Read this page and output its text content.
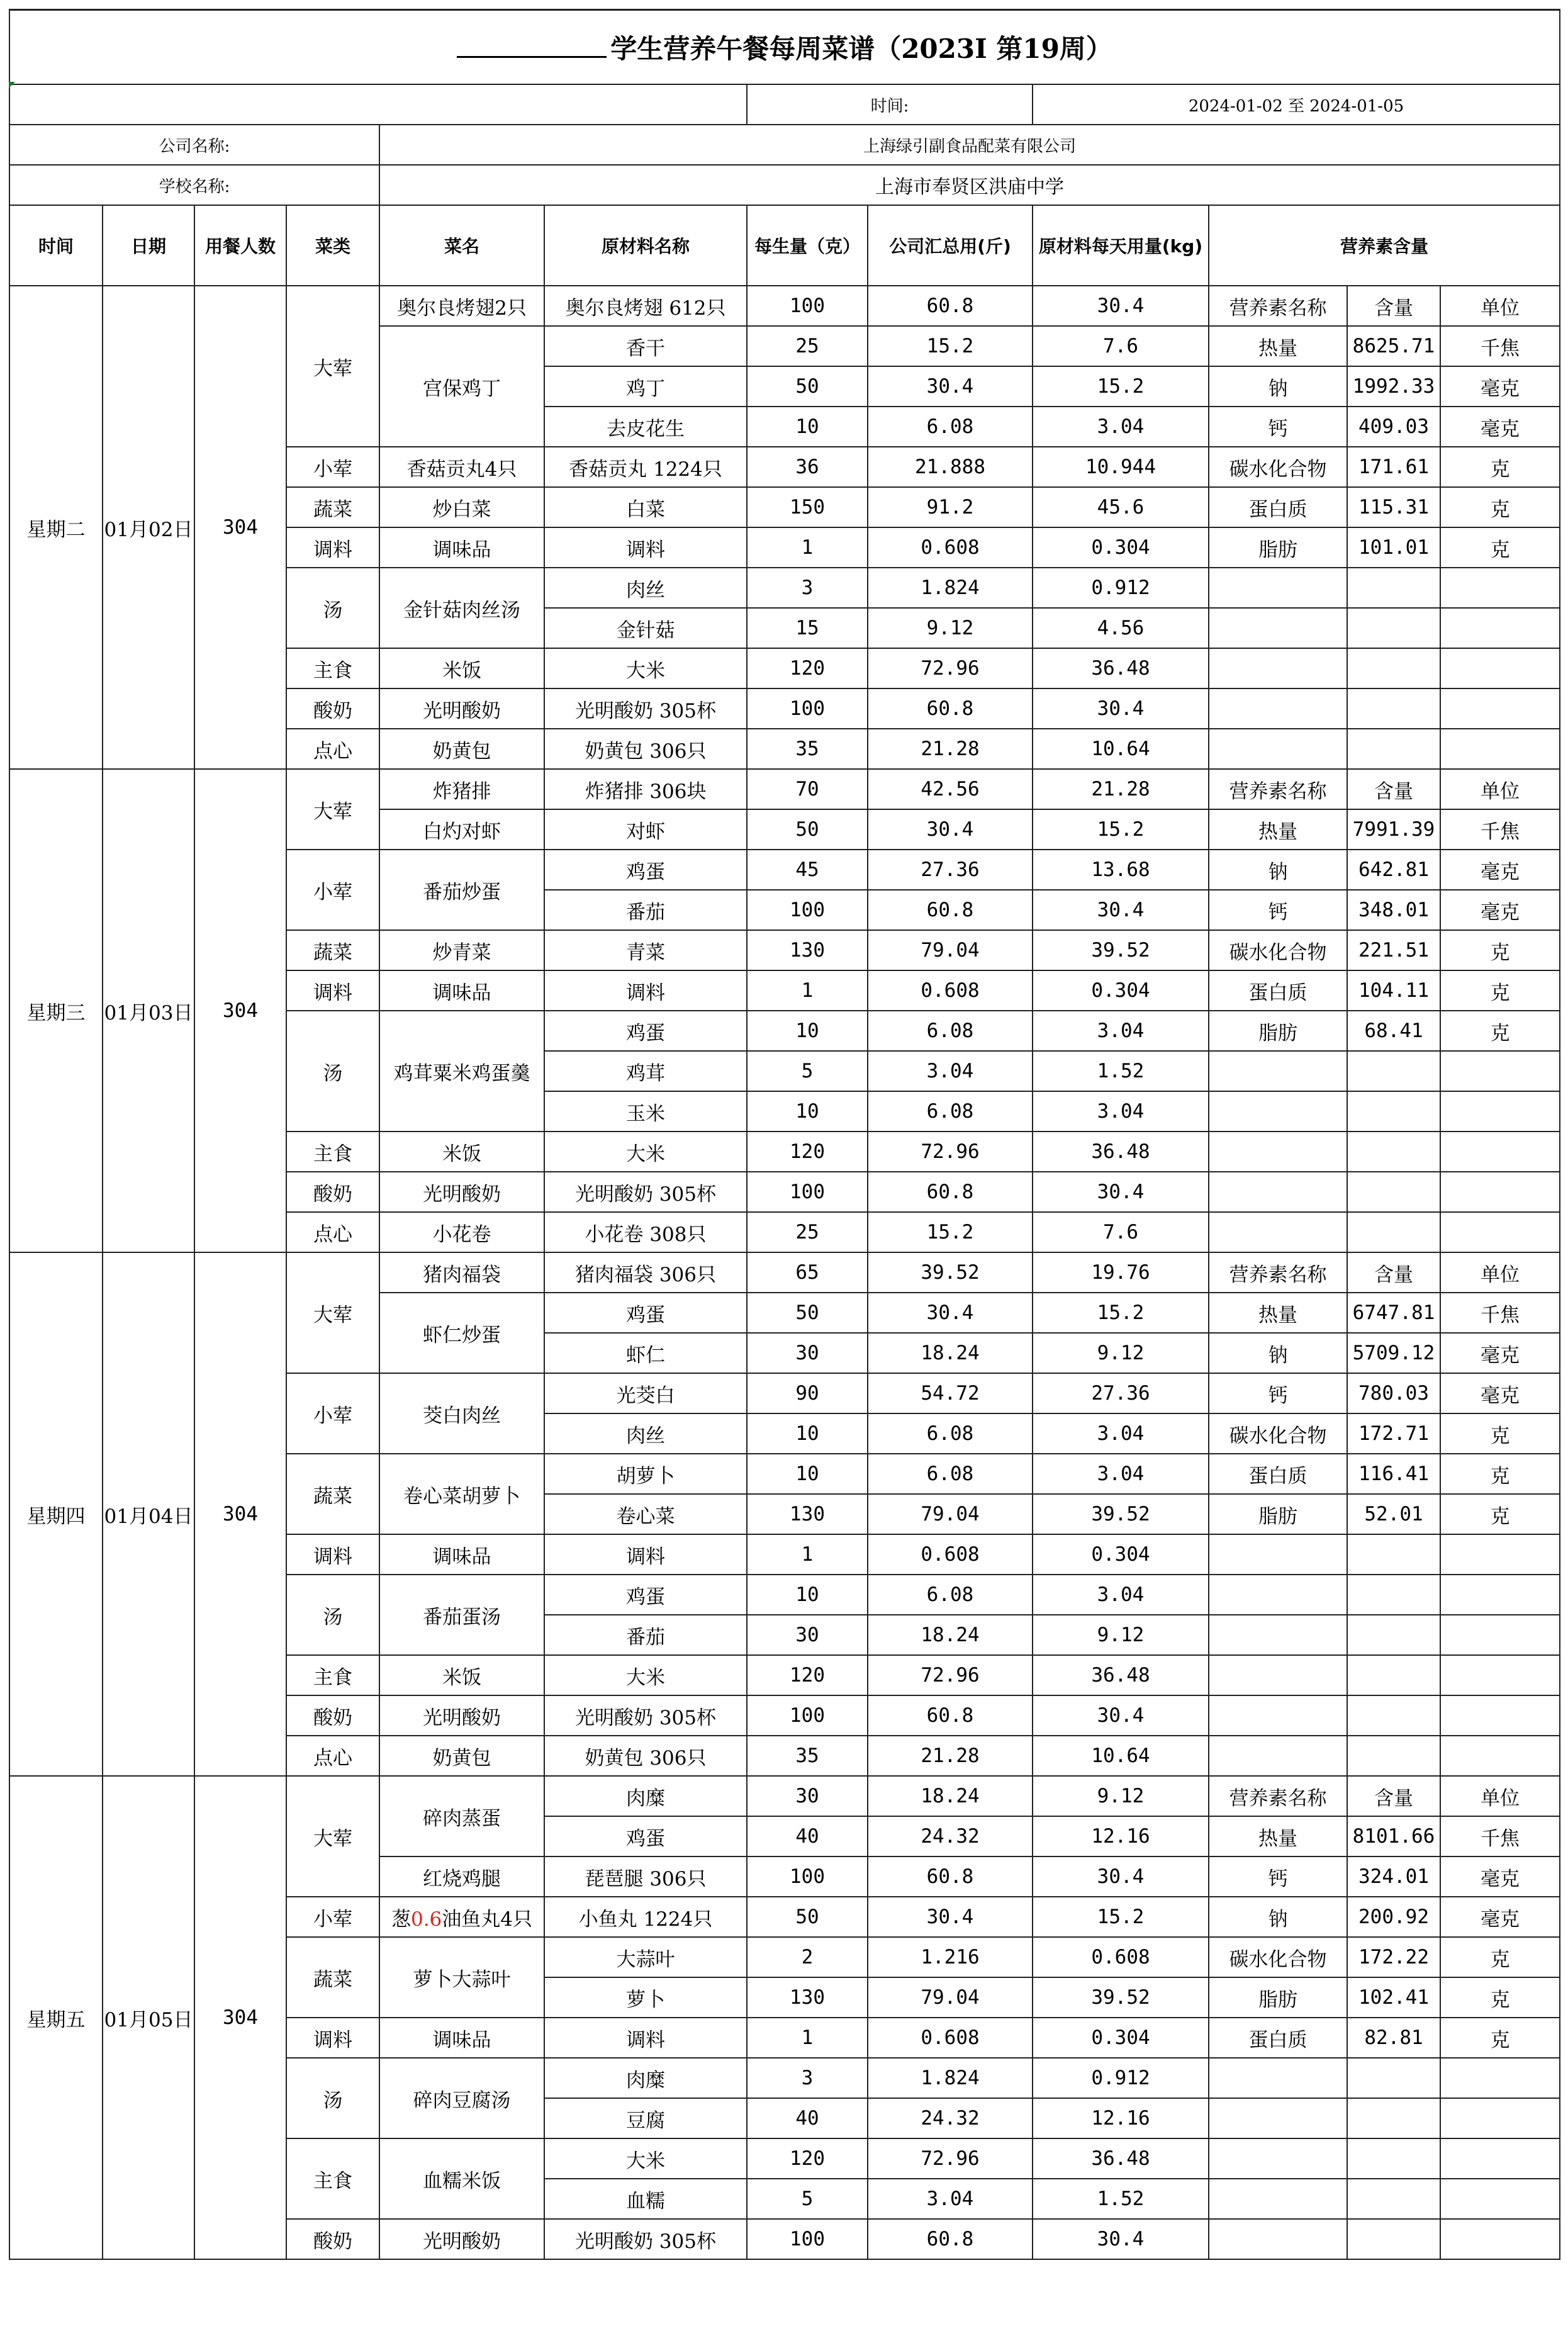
学生营养午餐每周菜谱（2023I 第19周）											
						时间:		2024-01-02 至 2024-01-05			
公司名称:				上海绿引副食品配菜有限公司							
学校名称:				上海市奉贤区洪庙中学							
时间	日期	用餐人数	菜类	菜名	原材料名称	每生量（克）	公司汇总用(斤)	原材料每天用量(kg)	营养素含量		
星期二	01月02日	304	大荤	奥尔良烤翅2只	奥尔良烤翅 612只	100	60.8	30.4	营养素名称	含量	单位
				宫保鸡丁	香干	25	15.2	7.6	热量	8625.71	千焦
					鸡丁	50	30.4	15.2	钠	1992.33	毫克
					去皮花生	10	6.08	3.04	钙	409.03	毫克
			小荤	香菇贡丸4只	香菇贡丸 1224只	36	21.888	10.944	碳水化合物	171.61	克
			蔬菜	炒白菜	白菜	150	91.2	45.6	蛋白质	115.31	克
			调料	调味品	调料	1	0.608	0.304	脂肪	101.01	克
			汤	金针菇肉丝汤	肉丝	3	1.824	0.912			
					金针菇	15	9.12	4.56			
			主食	米饭	大米	120	72.96	36.48			
			酸奶	光明酸奶	光明酸奶 305杯	100	60.8	30.4			
			点心	奶黄包	奶黄包 306只	35	21.28	10.64			
星期三	01月03日	304	大荤	炸猪排	炸猪排 306块	70	42.56	21.28	营养素名称	含量	单位
				白灼对虾	对虾	50	30.4	15.2	热量	7991.39	千焦
			小荤	番茄炒蛋	鸡蛋	45	27.36	13.68	钠	642.81	毫克
					番茄	100	60.8	30.4	钙	348.01	毫克
			蔬菜	炒青菜	青菜	130	79.04	39.52	碳水化合物	221.51	克
			调料	调味品	调料	1	0.608	0.304	蛋白质	104.11	克
			汤	鸡茸粟米鸡蛋羹	鸡蛋	10	6.08	3.04	脂肪	68.41	克
					鸡茸	5	3.04	1.52			
					玉米	10	6.08	3.04			
			主食	米饭	大米	120	72.96	36.48			
			酸奶	光明酸奶	光明酸奶 305杯	100	60.8	30.4			
			点心	小花卷	小花卷 308只	25	15.2	7.6			
星期四	01月04日	304	大荤	猪肉福袋	猪肉福袋 306只	65	39.52	19.76	营养素名称	含量	单位
				虾仁炒蛋	鸡蛋	50	30.4	15.2	热量	6747.81	千焦
					虾仁	30	18.24	9.12	钠	5709.12	毫克
			小荤	茭白肉丝	光茭白	90	54.72	27.36	钙	780.03	毫克
					肉丝	10	6.08	3.04	碳水化合物	172.71	克
			蔬菜	卷心菜胡萝卜	胡萝卜	10	6.08	3.04	蛋白质	116.41	克
					卷心菜	130	79.04	39.52	脂肪	52.01	克
			调料	调味品	调料	1	0.608	0.304			
			汤	番茄蛋汤	鸡蛋	10	6.08	3.04			
					番茄	30	18.24	9.12			
			主食	米饭	大米	120	72.96	36.48			
			酸奶	光明酸奶	光明酸奶 305杯	100	60.8	30.4			
			点心	奶黄包	奶黄包 306只	35	21.28	10.64			
星期五	01月05日	304	大荤	碎肉蒸蛋	肉糜	30	18.24	9.12	营养素名称	含量	单位
					鸡蛋	40	24.32	12.16	热量	8101.66	千焦
				红烧鸡腿	琵琶腿 306只	100	60.8	30.4	钙	324.01	毫克
			小荤	葱0.6油鱼丸4只	小鱼丸 1224只	50	30.4	15.2	钠	200.92	毫克
			蔬菜	萝卜大蒜叶	大蒜叶	2	1.216	0.608	碳水化合物	172.22	克
					萝卜	130	79.04	39.52	脂肪	102.41	克
			调料	调味品	调料	1	0.608	0.304	蛋白质	82.81	克
			汤	碎肉豆腐汤	肉糜	3	1.824	0.912			
					豆腐	40	24.32	12.16			
			主食	血糯米饭	大米	120	72.96	36.48			
					血糯	5	3.04	1.52			
			酸奶	光明酸奶	光明酸奶 305杯	100	60.8	30.4			
